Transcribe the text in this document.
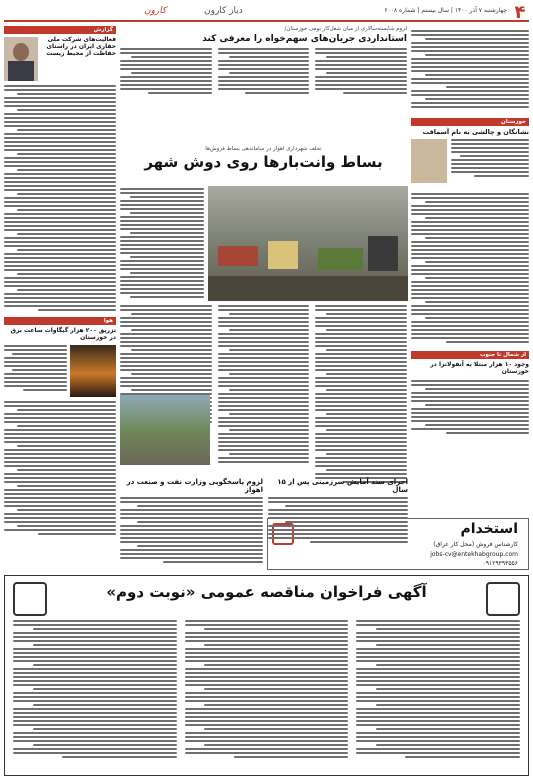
۴
چهارشنبه ۷ آذر ۱۴۰۰ | سال بیستم | شماره ۶۰۰۸
دیار کارون
کارون
خوزستان
نشانگان و چالشی به نام آسماقت
از شمال تا جنوب
وجود ۱۰ هزار مبتلا به آنفولانزا در خوزستان
استخدام
کارشناس فروش (محل کار عراق)
jobs-cv@entekhabgroup.com
۰۹۱۲۹۳۹۳۵۵۶
لزوم شایسته‌سالاری از میان شغل‌کار بومی خوزستان/
استانداردی جریان‌های سهم‌خواه را معرفی کند
تخلف شهرداری اهواز در ساماندهی بساط فروش‌ها
بساط وانت‌بارها روی دوش شهر
اجرای سند آمایش سرزمینی پس از ۱۵ سال
لزوم پاسخگویی وزارت نفت و صنعت در اهواز
گزارش
فعالیت‌های شرکت ملی حفاری ایران در راستای حفاظت از محیط زیست
هوا
تزریق ۲۰۰ هزار گیگاوات ساعت برق در خوزستان
آگهی فراخوان مناقصه عمومی «نوبت دوم»
